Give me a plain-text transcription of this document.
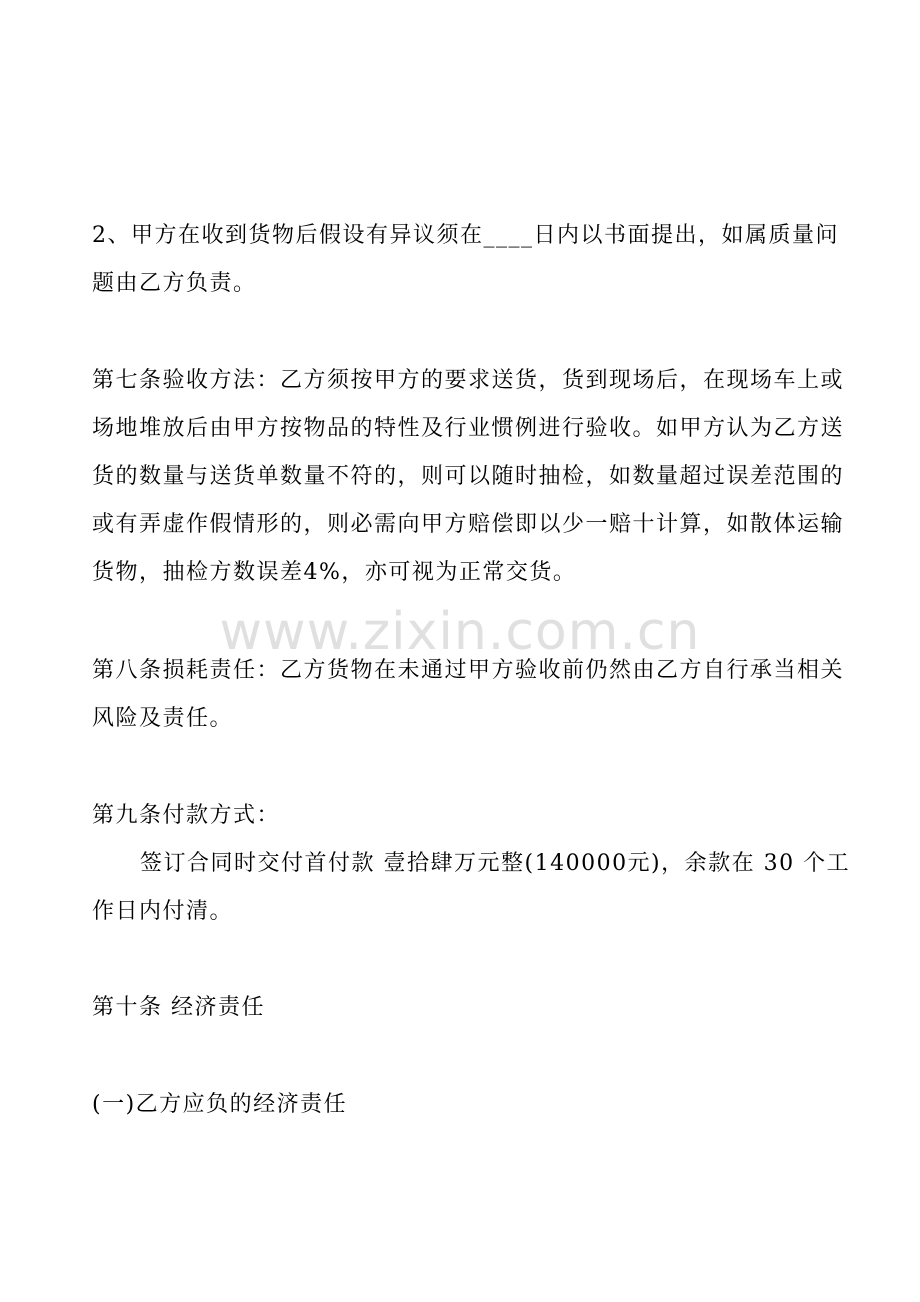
2、甲方在收到货物后假设有异议须在____日内以书面提出，如属质量问
题由乙方负责。
第七条验收方法：乙方须按甲方的要求送货，货到现场后，在现场车上或
场地堆放后由甲方按物品的特性及行业惯例进行验收。如甲方认为乙方送
货的数量与送货单数量不符的，则可以随时抽检，如数量超过误差范围的
或有弄虚作假情形的，则必需向甲方赔偿即以少一赔十计算，如散体运输
货物，抽检方数误差4%，亦可视为正常交货。
第八条损耗责任：乙方货物在未通过甲方验收前仍然由乙方自行承当相关
风险及责任。
第九条付款方式：
签订合同时交付首付款 壹拾肆万元整(140000元)，余款在 30 个工
作日内付清。
第十条 经济责任
(一)乙方应负的经济责任
www.zixin.com.cn
